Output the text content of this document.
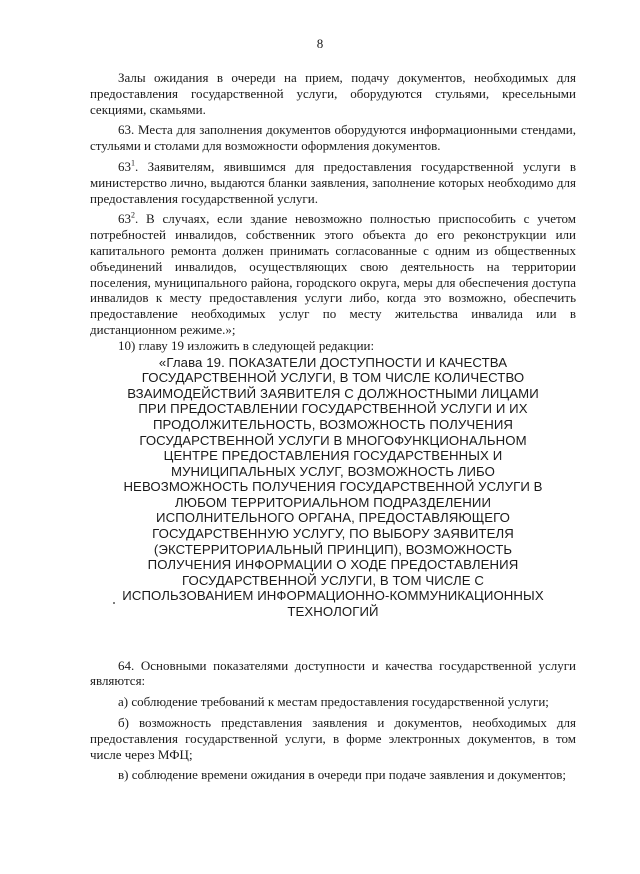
8

Залы ожидания в очереди на прием, подачу документов, необходимых для предоставления государственной услуги, оборудуются стульями, кресельными секциями, скамьями.

63. Места для заполнения документов оборудуются информационными стендами, стульями и столами для возможности оформления документов.

$63^1$. Заявителям, явившимся для предоставления государственной услуги в министерство лично, выдаются бланки заявления, заполнение которых необходимо для предоставления государственной услуги.

$63^2$. В случаях, если здание невозможно полностью приспособить с учетом потребностей инвалидов, собственник этого объекта до его реконструкции или капитального ремонта должен принимать согласованные с одним из общественных объединений инвалидов, осуществляющих свою деятельность на территории поселения, муниципального района, городского округа, меры для обеспечения доступа инвалидов к месту предоставления услуги либо, когда это возможно, обеспечить предоставление необходимых услуг по месту жительства инвалида или в дистанционном режиме.»;

10) главу 19 изложить в следующей редакции:

«Глава 19. ПОКАЗАТЕЛИ ДОСТУПНОСТИ И КАЧЕСТВА
ГОСУДАРСТВЕННОЙ УСЛУГИ, В ТОМ ЧИСЛЕ КОЛИЧЕСТВО
ВЗАИМОДЕЙСТВИЙ ЗАЯВИТЕЛЯ С ДОЛЖНОСТНЫМИ ЛИЦАМИ
ПРИ ПРЕДОСТАВЛЕНИИ ГОСУДАРСТВЕННОЙ УСЛУГИ И ИХ
ПРОДОЛЖИТЕЛЬНОСТЬ, ВОЗМОЖНОСТЬ ПОЛУЧЕНИЯ
ГОСУДАРСТВЕННОЙ УСЛУГИ В МНОГОФУНКЦИОНАЛЬНОМ
ЦЕНТРЕ ПРЕДОСТАВЛЕНИЯ ГОСУДАРСТВЕННЫХ И
МУНИЦИПАЛЬНЫХ УСЛУГ, ВОЗМОЖНОСТЬ ЛИБО
НЕВОЗМОЖНОСТЬ ПОЛУЧЕНИЯ ГОСУДАРСТВЕННОЙ УСЛУГИ В
ЛЮБОМ ТЕРРИТОРИАЛЬНОМ ПОДРАЗДЕЛЕНИИ
ИСПОЛНИТЕЛЬНОГО ОРГАНА, ПРЕДОСТАВЛЯЮЩЕГО
ГОСУДАРСТВЕННУЮ УСЛУГУ, ПО ВЫБОРУ ЗАЯВИТЕЛЯ
(ЭКСТЕРРИТОРИАЛЬНЫЙ ПРИНЦИП), ВОЗМОЖНОСТЬ
ПОЛУЧЕНИЯ ИНФОРМАЦИИ О ХОДЕ ПРЕДОСТАВЛЕНИЯ
ГОСУДАРСТВЕННОЙ УСЛУГИ, В ТОМ ЧИСЛЕ С
ИСПОЛЬЗОВАНИЕМ ИНФОРМАЦИОННО-КОММУНИКАЦИОННЫХ
ТЕХНОЛОГИЙ

64. Основными показателями доступности и качества государственной услуги являются:

а) соблюдение требований к местам предоставления государственной услуги;

б) возможность представления заявления и документов, необходимых для предоставления государственной услуги, в форме электронных документов, в том числе через МФЦ;

в) соблюдение времени ожидания в очереди при подаче заявления и документов;
